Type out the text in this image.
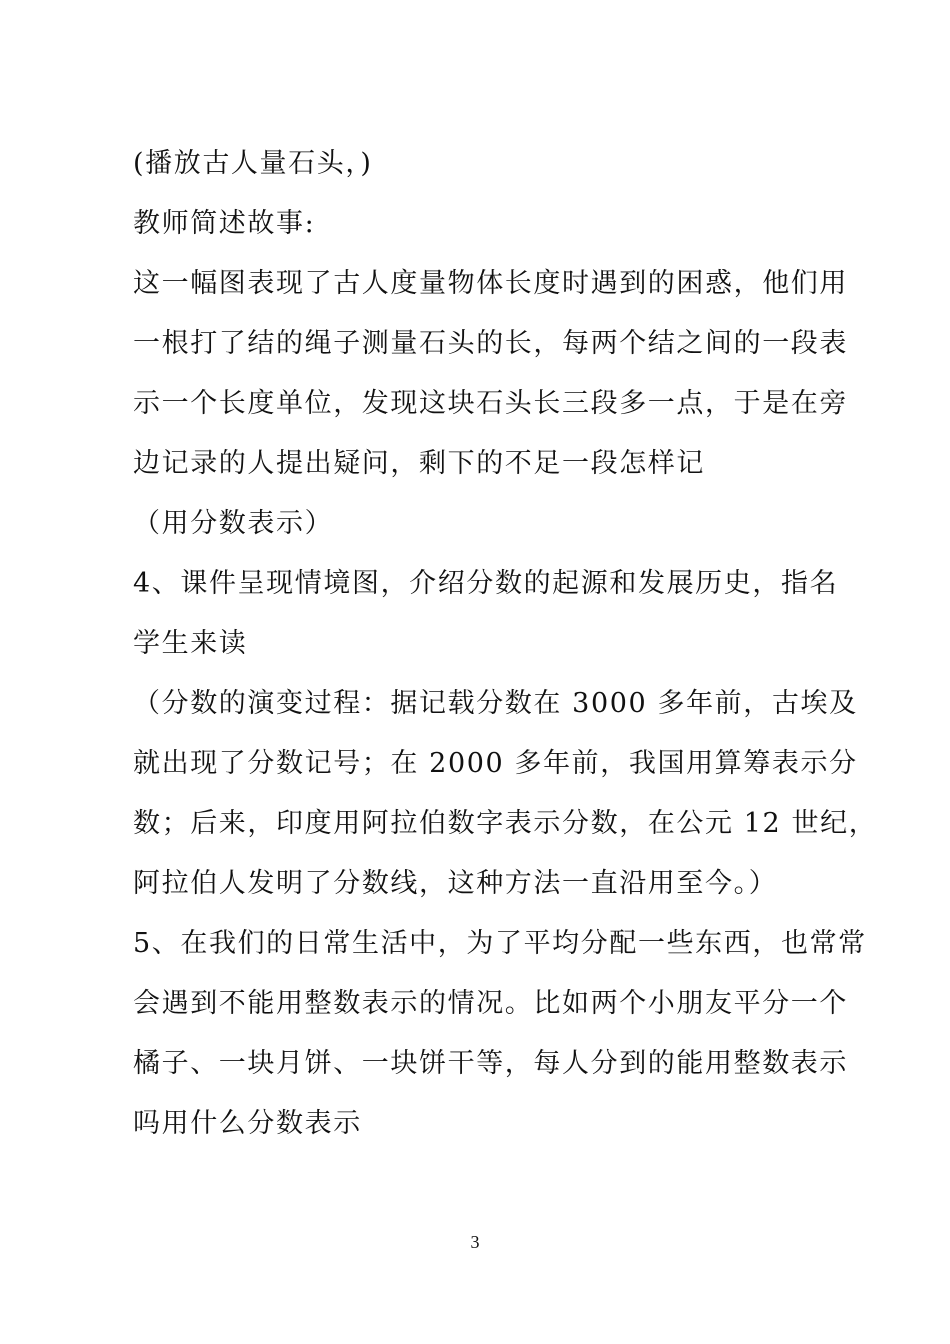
(播放古人量石头，)
教师简述故事:
这一幅图表现了古人度量物体长度时遇到的困惑，他们用
一根打了结的绳子测量石头的长，每两个结之间的一段表
示一个长度单位，发现这块石头长三段多一点，于是在旁
边记录的人提出疑问，剩下的不足一段怎样记
（用分数表示）
4、课件呈现情境图，介绍分数的起源和发展历史，指名
学生来读
（分数的演变过程：据记载分数在 3000 多年前，古埃及
就出现了分数记号；在 2000 多年前，我国用算筹表示分
数；后来，印度用阿拉伯数字表示分数，在公元 12 世纪，
阿拉伯人发明了分数线，这种方法一直沿用至今。）
5、在我们的日常生活中，为了平均分配一些东西，也常常
会遇到不能用整数表示的情况。比如两个小朋友平分一个
橘子、一块月饼、一块饼干等，每人分到的能用整数表示
吗用什么分数表示
3
